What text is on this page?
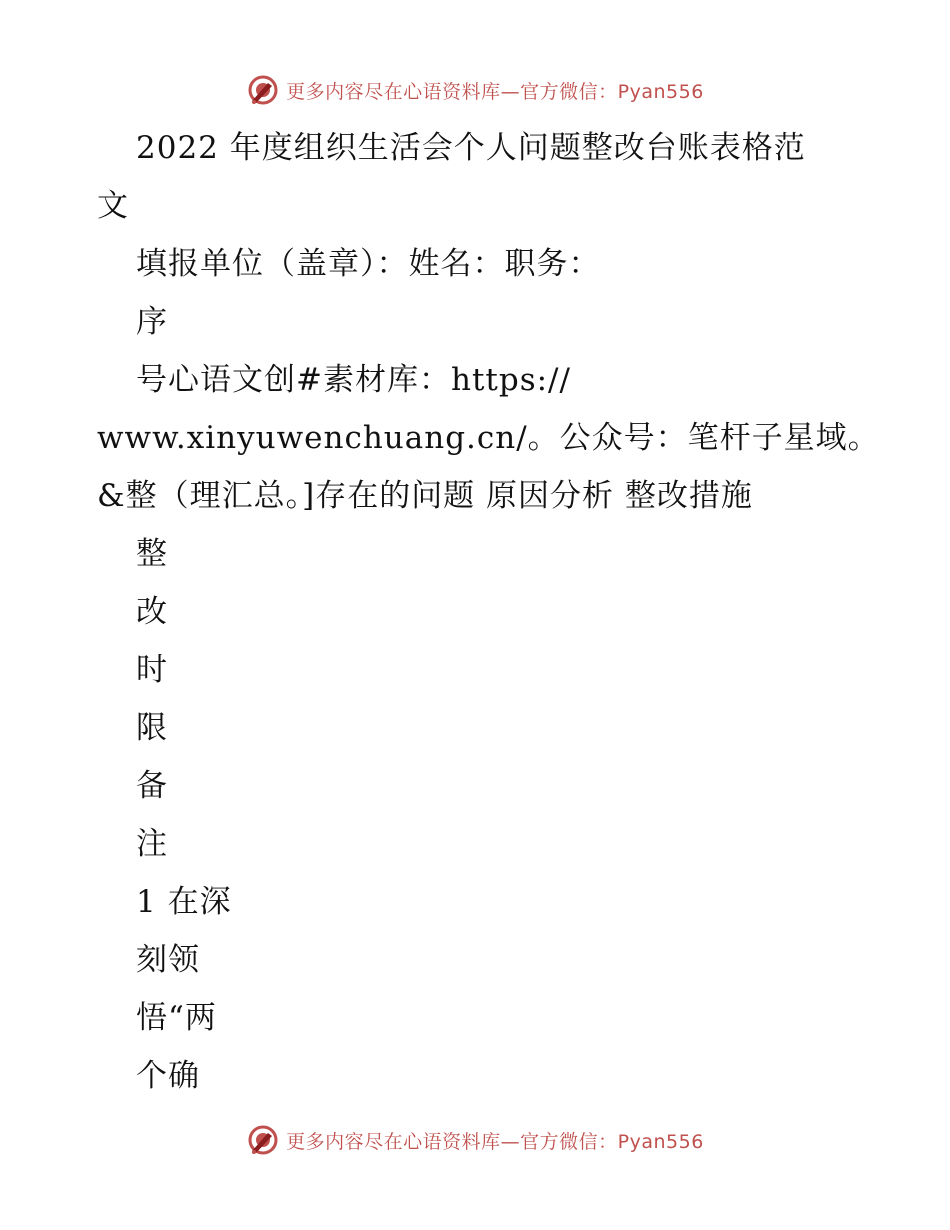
更多内容尽在心语资料库—官方微信：Pyan556
2022 年度组织生活会个人问题整改台账表格范
文
填报单位（盖章）：姓名：职务：
序
号心语文创#素材库：https://
www.xinyuwenchuang.cn/。公众号：笔杆子星域。
&整（理汇总。]存在的问题 原因分析 整改措施
整
改
时
限
备
注
1 在深
刻领
悟“两
个确
更多内容尽在心语资料库—官方微信：Pyan556
